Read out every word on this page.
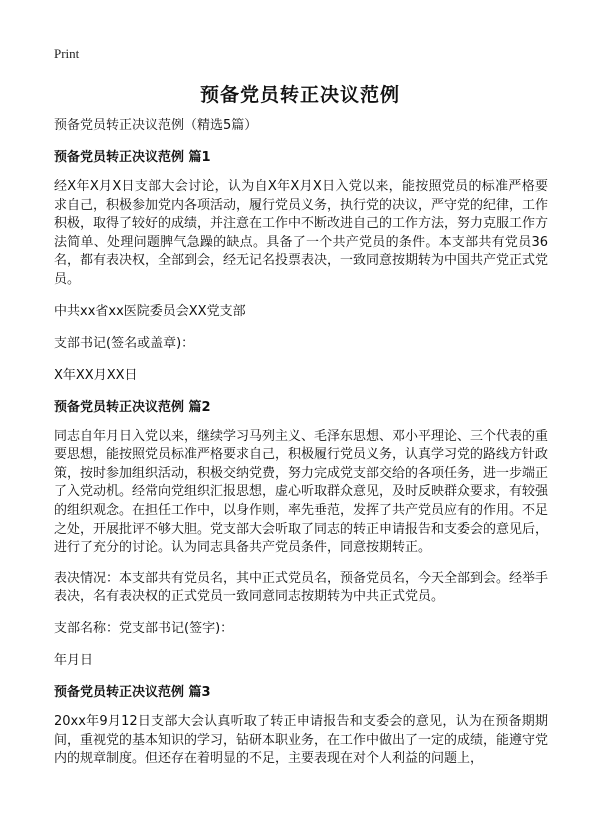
Print
预备党员转正决议范例
预备党员转正决议范例（精选5篇）
预备党员转正决议范例 篇1

经X年X月X日支部大会讨论，认为自X年X月X日入党以来，能按照党员的标准严格要求自己，积极参加党内各项活动，履行党员义务，执行党的决议，严守党的纪律，工作积极，取得了较好的成绩，并注意在工作中不断改进自己的工作方法，努力克服工作方法简单、处理问题脾气急躁的缺点。具备了一个共产党员的条件。本支部共有党员36名，都有表决权，全部到会，经无记名投票表决，一致同意按期转为中国共产党正式党员。

中共xx省xx医院委员会XX党支部
支部书记(签名或盖章)：
X年XX月XX日
预备党员转正决议范例 篇2

同志自年月日入党以来，继续学习马列主义、毛泽东思想、邓小平理论、三个代表的重要思想，能按照党员标准严格要求自己，积极履行党员义务，认真学习党的路线方针政策，按时参加组织活动，积极交纳党费，努力完成党支部交给的各项任务，进一步端正了入党动机。经常向党组织汇报思想，虚心听取群众意见，及时反映群众要求，有较强的组织观念。在担任工作中，以身作则，率先垂范，发挥了共产党员应有的作用。不足之处，开展批评不够大胆。党支部大会听取了同志的转正申请报告和支委会的意见后，进行了充分的讨论。认为同志具备共产党员条件，同意按期转正。

表决情况：本支部共有党员名，其中正式党员名，预备党员名，今天全部到会。经举手表决，名有表决权的正式党员一致同意同志按期转为中共正式党员。

支部名称：党支部书记(签字)：
年月日
预备党员转正决议范例 篇3

20xx年9月12日支部大会认真听取了转正申请报告和支委会的意见，认为在预备期期间，重视党的基本知识的学习，钻研本职业务，在工作中做出了一定的成绩，能遵守党内的规章制度。但还存在着明显的不足，主要表现在对个人利益的问题上，
